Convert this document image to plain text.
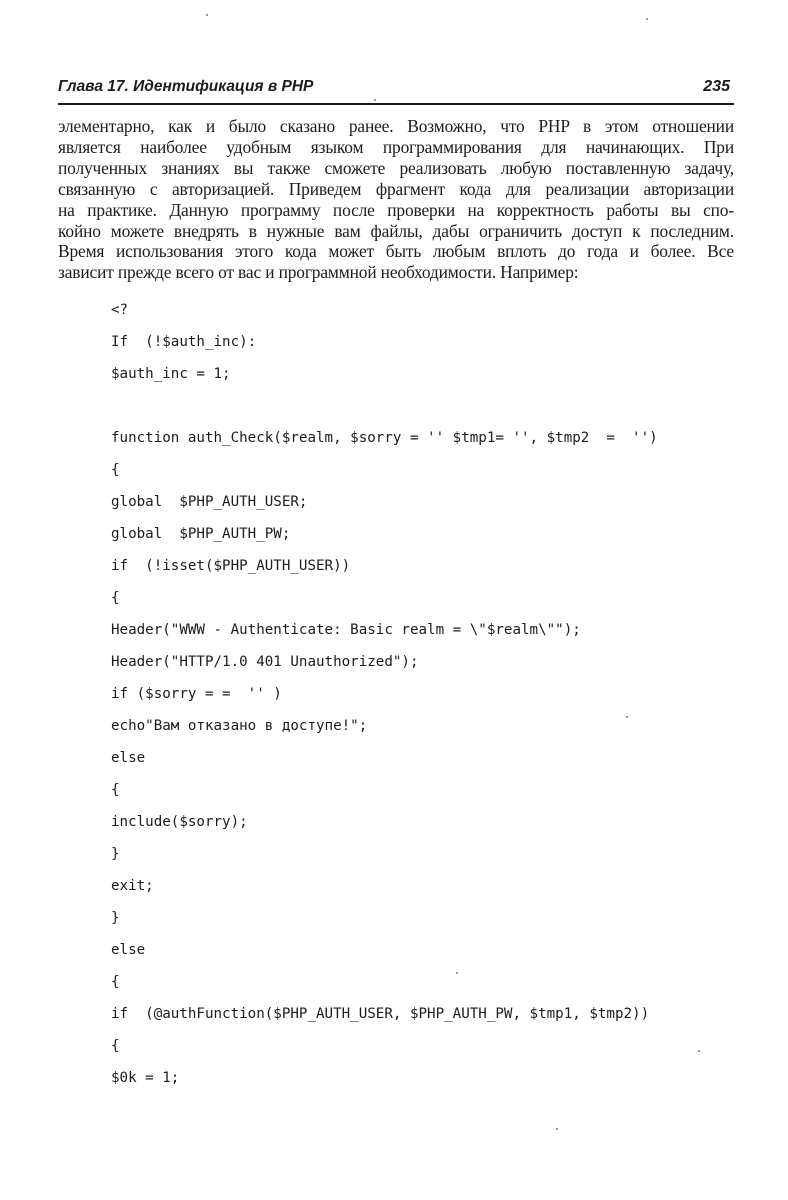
Глава 17. Идентификация в PHP	235
элементарно, как и было сказано ранее. Возможно, что PHP в этом отношении
является наиболее удобным языком программирования для начинающих. При
полученных знаниях вы также сможете реализовать любую поставленную задачу,
связанную с авторизацией. Приведем фрагмент кода для реализации авторизации
на практике. Данную программу после проверки на корректность работы вы спо-
койно можете внедрять в нужные вам файлы, дабы ограничить доступ к последним.
Время использования этого кода может быть любым вплоть до года и более. Все
зависит прежде всего от вас и программной необходимости. Например:
<?
If  (!$auth_inc):
$auth_inc = 1;
function auth_Check($realm, $sorry = '' $tmp1= '', $tmp2  =  '')
{
global  $PHP_AUTH_USER;
global  $PHP_AUTH_PW;
if  (!isset($PHP_AUTH_USER))
{
Header("WWW - Authenticate: Basic realm = \"$realm\"");
Header("HTTP/1.0 401 Unauthorized");
if ($sorry = =  '' )
echo"Вам отказано в доступе!";
else
{
include($sorry);
}
exit;
}
else
{
if  (@authFunction($PHP_AUTH_USER, $PHP_AUTH_PW, $tmp1, $tmp2))
{
$0k = 1;
